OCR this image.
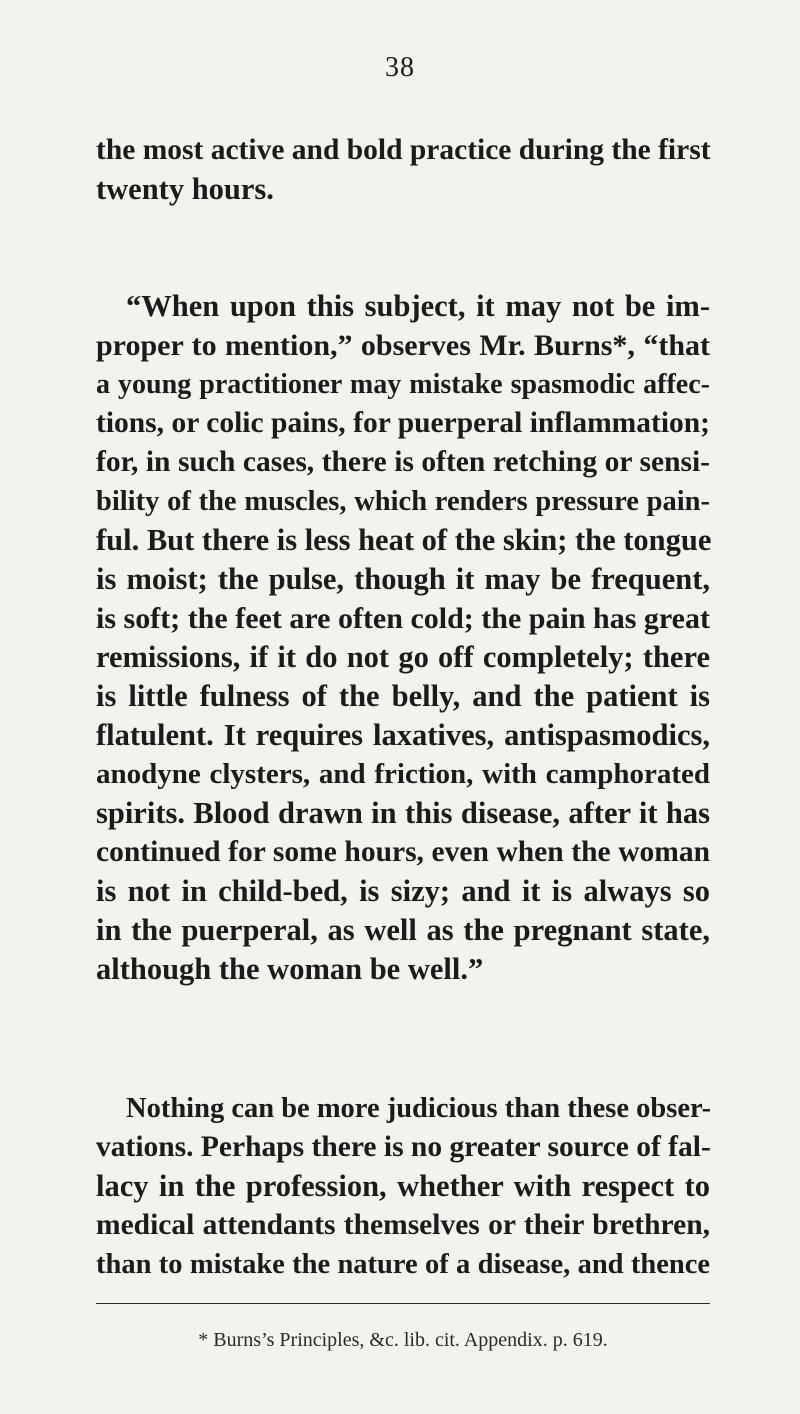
38
the most active and bold practice during the first
twenty hours.
“When upon this subject, it may not be im-
proper to mention,” observes Mr. Burns*, “that
a young practitioner may mistake spasmodic affec-
tions, or colic pains, for puerperal inflammation;
for, in such cases, there is often retching or sensi-
bility of the muscles, which renders pressure pain-
ful. But there is less heat of the skin; the tongue
is moist; the pulse, though it may be frequent,
is soft; the feet are often cold; the pain has great
remissions, if it do not go off completely; there
is little fulness of the belly, and the patient is
flatulent. It requires laxatives, antispasmodics,
anodyne clysters, and friction, with camphorated
spirits. Blood drawn in this disease, after it has
continued for some hours, even when the woman
is not in child-bed, is sizy; and it is always so
in the puerperal, as well as the pregnant state,
although the woman be well.”
Nothing can be more judicious than these obser-
vations. Perhaps there is no greater source of fal-
lacy in the profession, whether with respect to
medical attendants themselves or their brethren,
than to mistake the nature of a disease, and thence
* Burns’s Principles, &c. lib. cit. Appendix. p. 619.
